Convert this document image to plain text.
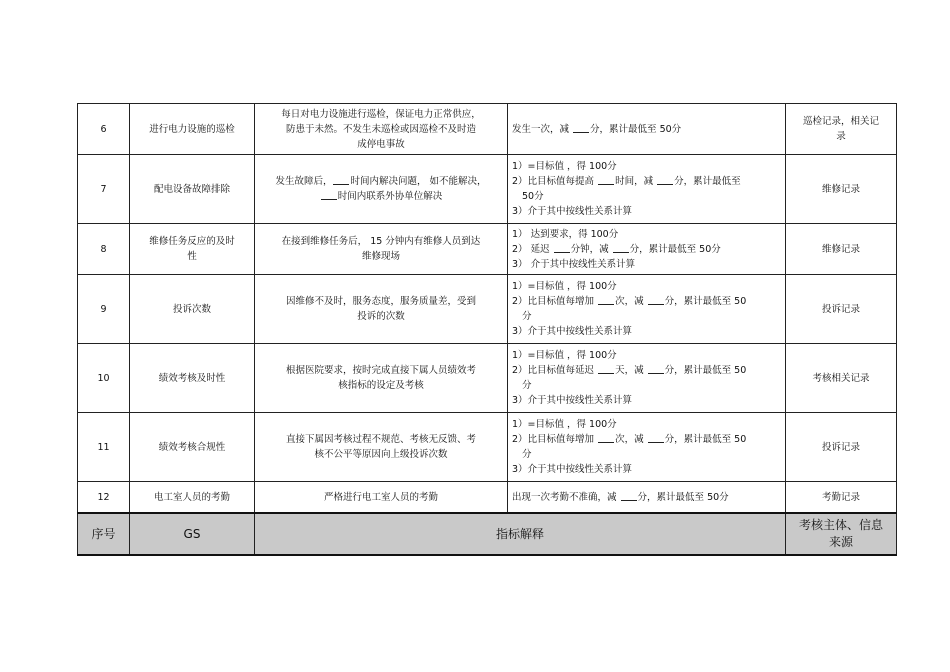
6	进行电力设施的巡检	每日对电力设施进行巡检，保证电力正常供应，
防患于未然。不发生未巡检或因巡检不及时造
成停电事故	发生一次，减 分，累计最低至 50分	巡检记录，相关记
录

7	配电设备故障排除	发生故障后， 时间内解决问题， 如不能解决，
时间内联系外协单位解决	1）=目标值 ，得 100分
2）比目标值每提高 时间，减 分，累计最低至
50分
3）介于其中按线性关系计算	维修记录

8	维修任务反应的及时
性	在接到维修任务后， 15 分钟内有维修人员到达
维修现场	1） 达到要求，得 100分
2） 延迟 分钟，减 分，累计最低至 50分
3） 介于其中按线性关系计算	维修记录

9	投诉次数	因维修不及时，服务态度，服务质量差，受到
投诉的次数	1）=目标值 ，得 100分
2）比目标值每增加 次，减 分，累计最低至 50
分
3）介于其中按线性关系计算	投诉记录

10	绩效考核及时性	根据医院要求，按时完成直接下属人员绩效考
核指标的设定及考核	1）=目标值 ，得 100分
2）比目标值每延迟 天，减 分，累计最低至 50
分
3）介于其中按线性关系计算	考核相关记录

11	绩效考核合规性	直接下属因考核过程不规范、考核无反馈、考
核不公平等原因向上级投诉次数	1）=目标值 ，得 100分
2）比目标值每增加 次，减 分，累计最低至 50
分
3）介于其中按线性关系计算	投诉记录

12	电工室人员的考勤	严格进行电工室人员的考勤	出现一次考勤不准确，减 分，累计最低至 50分	考勤记录

序号	GS	指标解释		考核主体、信息
来源
